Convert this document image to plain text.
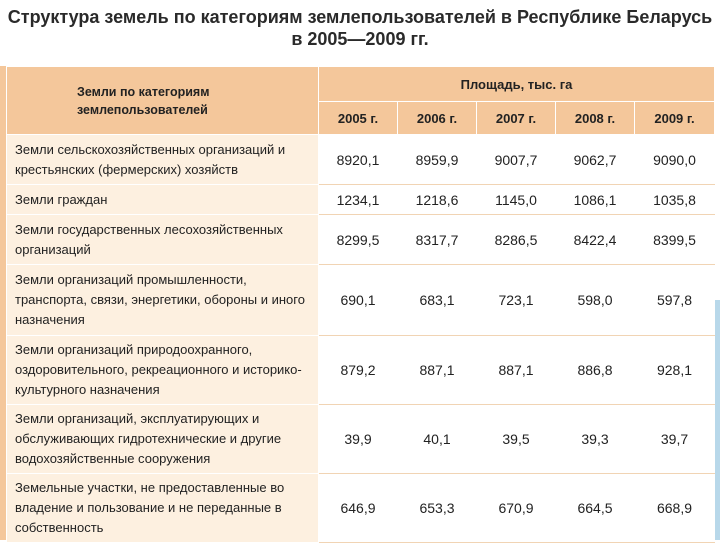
Структура земель по категориям землепользователей в Республике Беларусь
в 2005—2009 гг.
Земли по категориям землепользователей	Площадь, тыс. га				
	2005 г.	2006 г.	2007 г.	2008 г.	2009 г.
Земли сельскохозяйственных организаций и крестьянских (фермерских) хозяйств	8920,1	8959,9	9007,7	9062,7	9090,0
Земли граждан	1234,1	1218,6	1145,0	1086,1	1035,8
Земли государственных лесохозяйственных организаций	8299,5	8317,7	8286,5	8422,4	8399,5
Земли организаций промышленности, транспорта, связи, энергетики, обороны и иного назначения	690,1	683,1	723,1	598,0	597,8
Земли организаций природоохранного, оздоровительного, рекреационного и историко-культурного назначения	879,2	887,1	887,1	886,8	928,1
Земли организаций, эксплуатирующих и обслуживающих гидротехнические и другие водохозяйственные сооружения	39,9	40,1	39,5	39,3	39,7
Земельные участки, не предоставленные во владение и пользование и не переданные в собственность	646,9	653,3	670,9	664,5	668,9
